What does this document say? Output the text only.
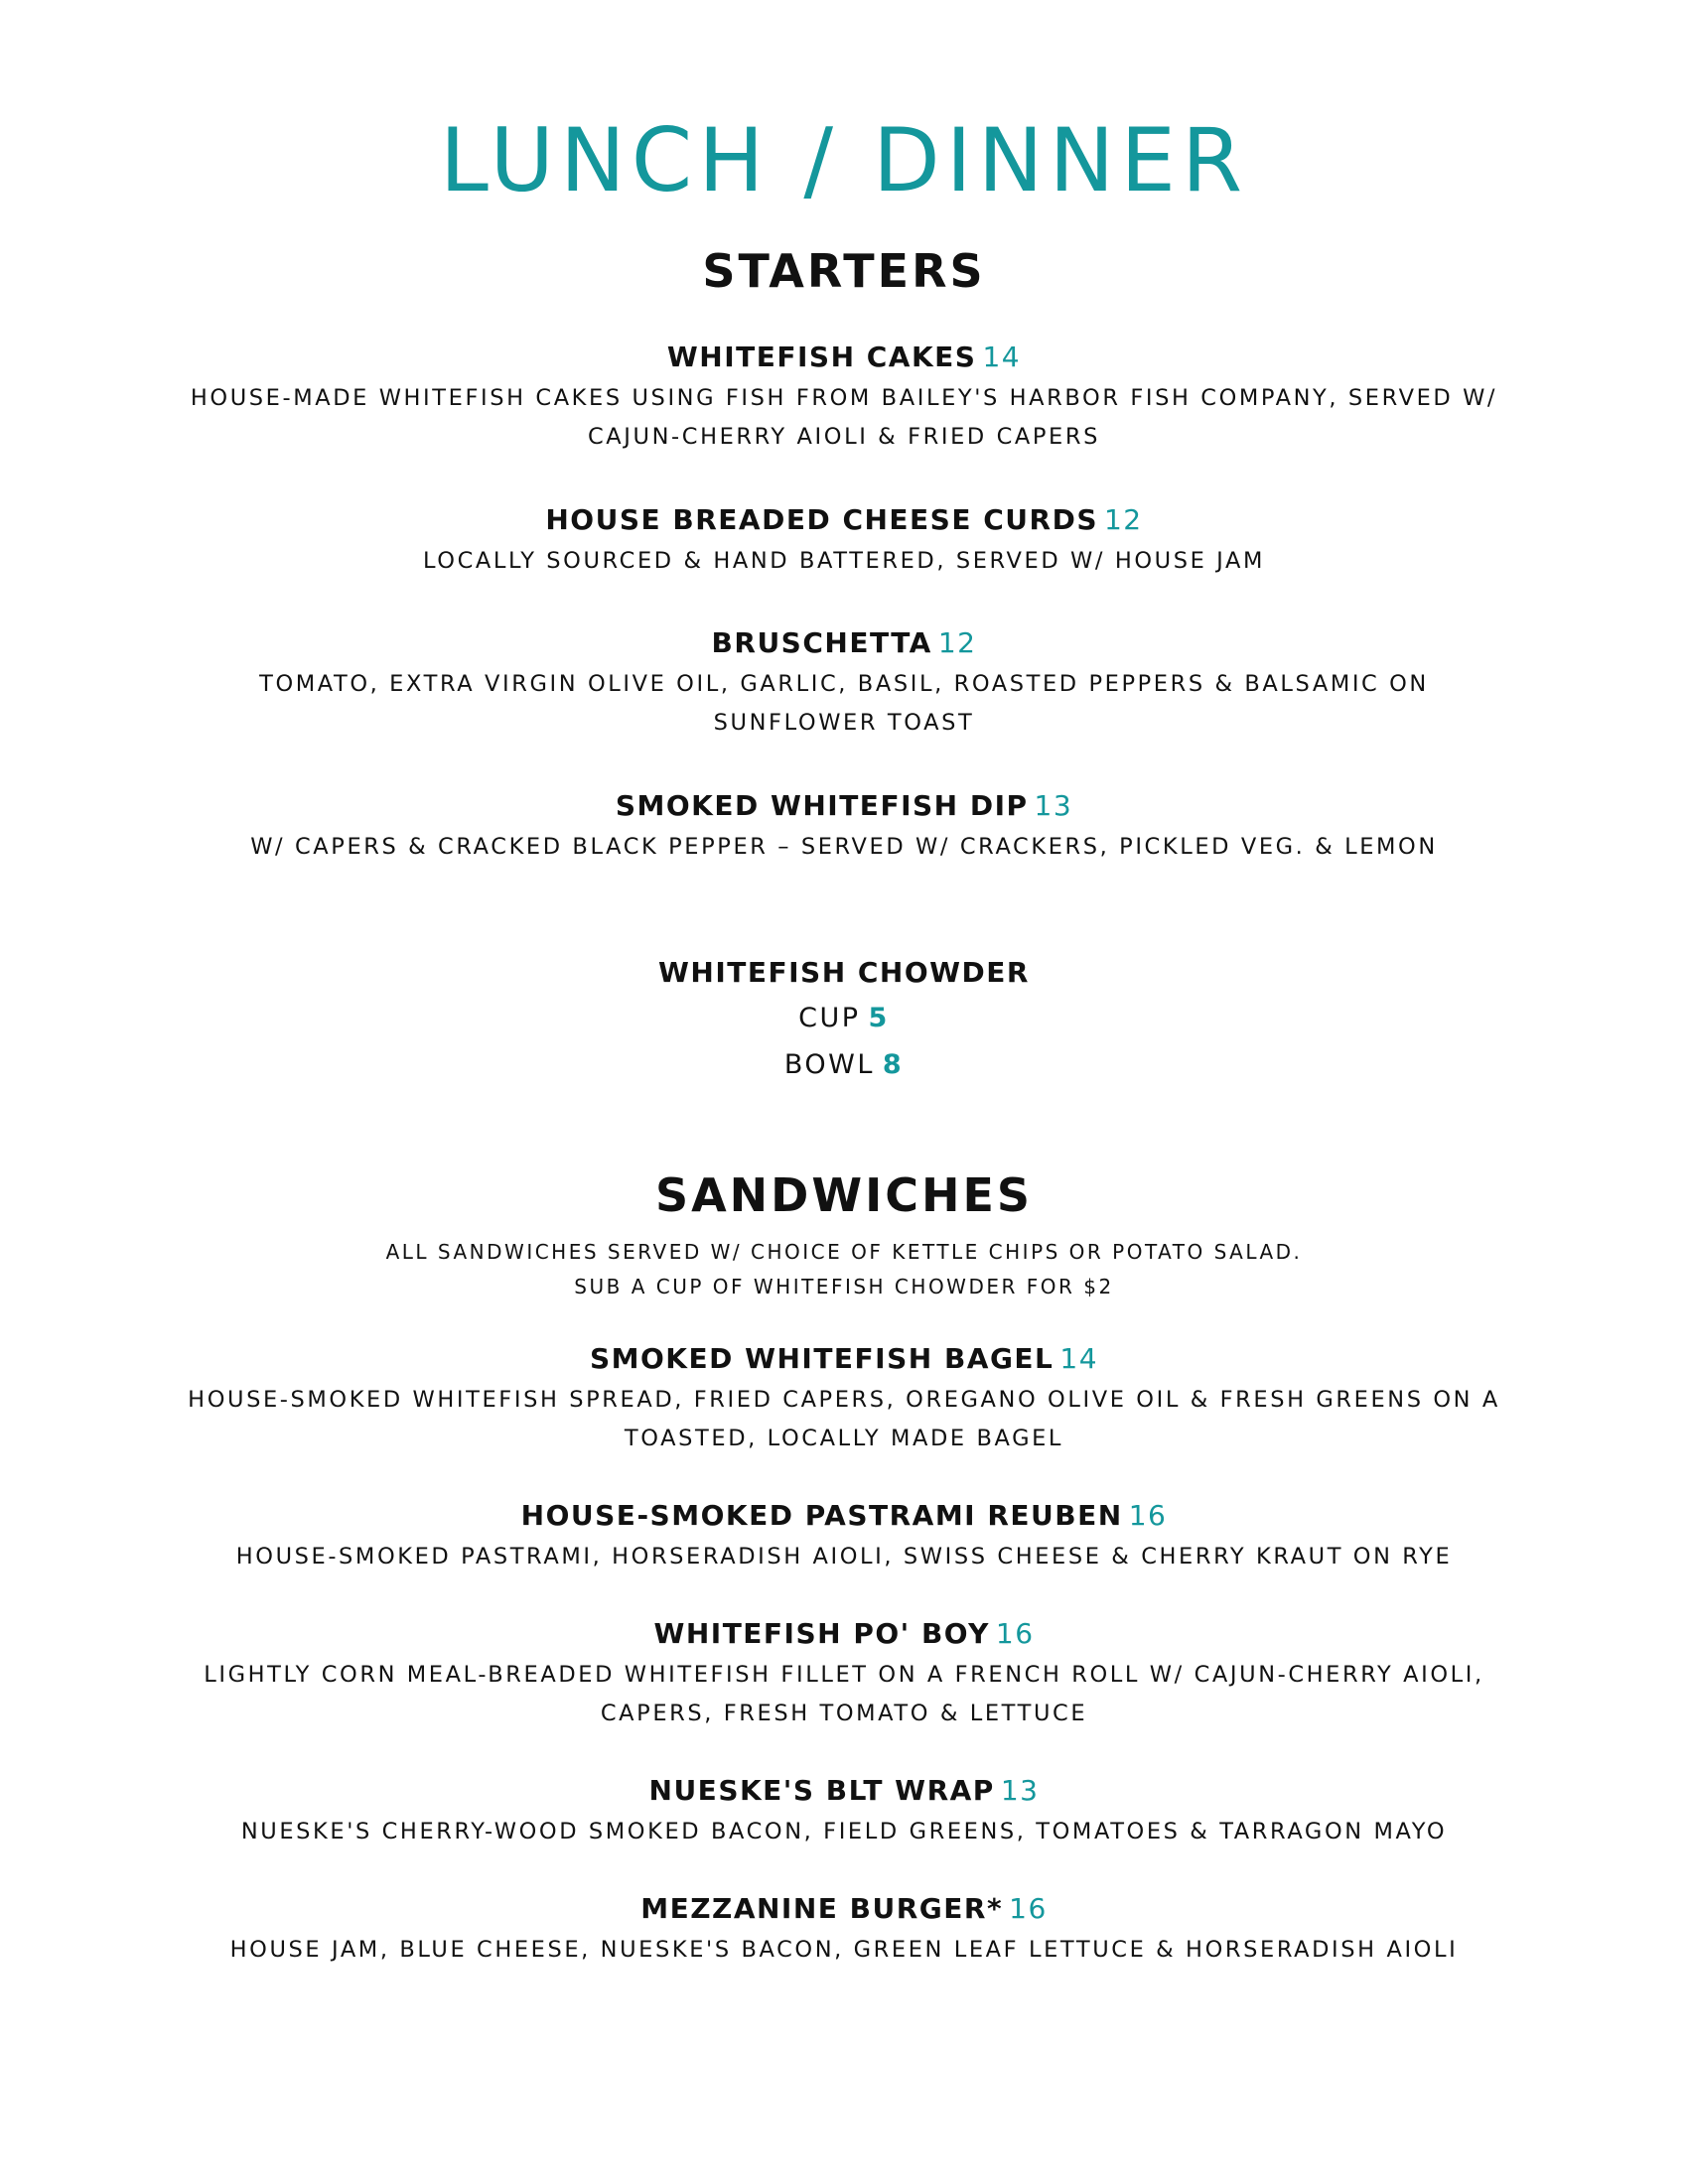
LUNCH / DINNER
STARTERS
WHITEFISH CAKES 14
HOUSE-MADE WHITEFISH CAKES USING FISH FROM BAILEY'S HARBOR FISH COMPANY, SERVED W/
CAJUN-CHERRY AIOLI & FRIED CAPERS
HOUSE BREADED CHEESE CURDS 12
LOCALLY SOURCED & HAND BATTERED, SERVED W/ HOUSE JAM
BRUSCHETTA 12
TOMATO, EXTRA VIRGIN OLIVE OIL, GARLIC, BASIL, ROASTED PEPPERS & BALSAMIC ON
SUNFLOWER TOAST
SMOKED WHITEFISH DIP 13
W/ CAPERS & CRACKED BLACK PEPPER – SERVED W/ CRACKERS, PICKLED VEG. & LEMON
WHITEFISH CHOWDER
CUP 5
BOWL 8
SANDWICHES
ALL SANDWICHES SERVED W/ CHOICE OF KETTLE CHIPS OR POTATO SALAD.
SUB A CUP OF WHITEFISH CHOWDER FOR $2
SMOKED WHITEFISH BAGEL 14
HOUSE-SMOKED WHITEFISH SPREAD, FRIED CAPERS, OREGANO OLIVE OIL & FRESH GREENS ON A
TOASTED, LOCALLY MADE BAGEL
HOUSE-SMOKED PASTRAMI REUBEN 16
HOUSE-SMOKED PASTRAMI, HORSERADISH AIOLI, SWISS CHEESE & CHERRY KRAUT ON RYE
WHITEFISH PO' BOY 16
LIGHTLY CORN MEAL-BREADED WHITEFISH FILLET ON A FRENCH ROLL W/ CAJUN-CHERRY AIOLI,
CAPERS, FRESH TOMATO & LETTUCE
NUESKE'S BLT WRAP 13
NUESKE'S CHERRY-WOOD SMOKED BACON, FIELD GREENS, TOMATOES & TARRAGON MAYO
MEZZANINE BURGER* 16
HOUSE JAM, BLUE CHEESE, NUESKE'S BACON, GREEN LEAF LETTUCE & HORSERADISH AIOLI
